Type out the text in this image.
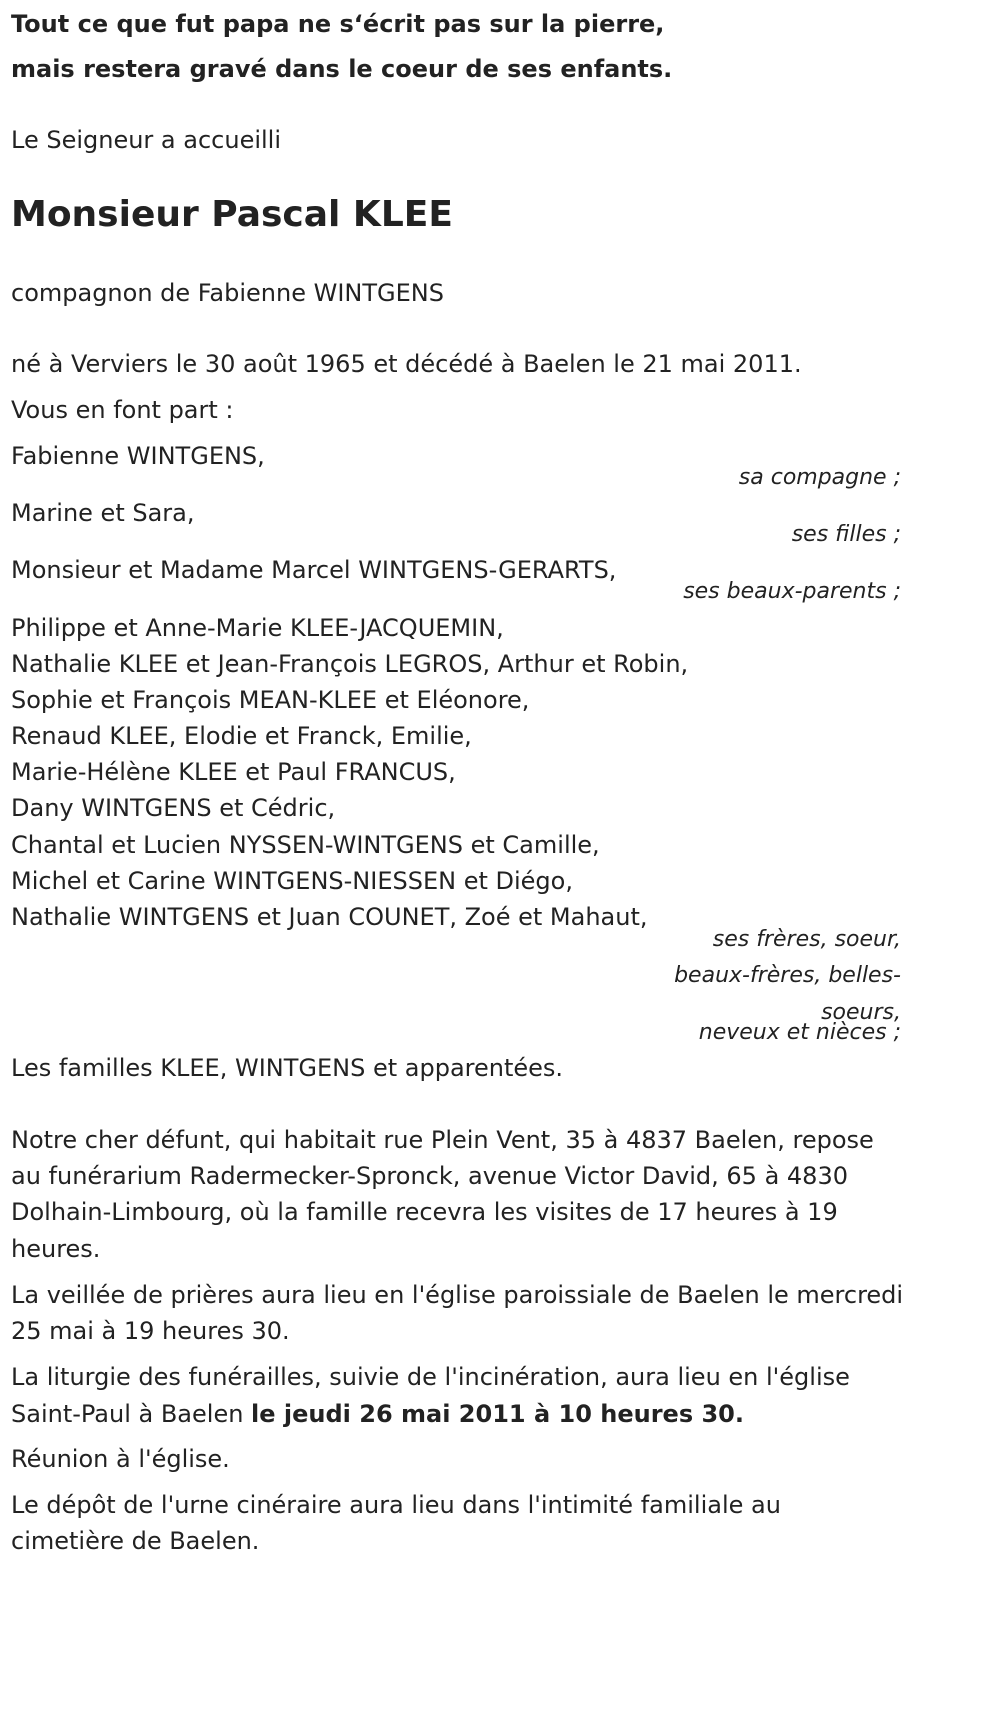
Tout ce que fut papa ne s‘écrit pas sur la pierre,

mais restera gravé dans le coeur de ses enfants.

Le Seigneur a accueilli

Monsieur Pascal KLEE

compagnon de Fabienne WINTGENS

né à Verviers le 30 août 1965 et décédé à Baelen le 21 mai 2011.

Vous en font part :

Fabienne WINTGENS,

sa compagne ;

Marine et Sara,

ses filles ;

Monsieur et Madame Marcel WINTGENS-GERARTS,

ses beaux-parents ;

Philippe et Anne-Marie KLEE-JACQUEMIN,

Nathalie KLEE et Jean-François LEGROS, Arthur et Robin,

Sophie et François MEAN-KLEE et Eléonore,

Renaud KLEE, Elodie et Franck, Emilie,

Marie-Hélène KLEE et Paul FRANCUS,

Dany WINTGENS et Cédric,

Chantal et Lucien NYSSEN-WINTGENS et Camille,

Michel et Carine WINTGENS-NIESSEN et Diégo,

Nathalie WINTGENS et Juan COUNET, Zoé et Mahaut,

ses frères, soeur,

beaux-frères, belles-

soeurs,

neveux et nièces ;

Les familles KLEE, WINTGENS et apparentées.

Notre cher défunt, qui habitait rue Plein Vent, 35 à 4837 Baelen, repose

au funérarium Radermecker-Spronck, avenue Victor David, 65 à 4830

Dolhain-Limbourg, où la famille recevra les visites de 17 heures à 19

heures.

La veillée de prières aura lieu en l'église paroissiale de Baelen le mercredi

25 mai à 19 heures 30.

La liturgie des funérailles, suivie de l'incinération, aura lieu en l'église

Saint-Paul à Baelen le jeudi 26 mai 2011 à 10 heures 30.

Réunion à l'église.

Le dépôt de l'urne cinéraire aura lieu dans l'intimité familiale au

cimetière de Baelen.
